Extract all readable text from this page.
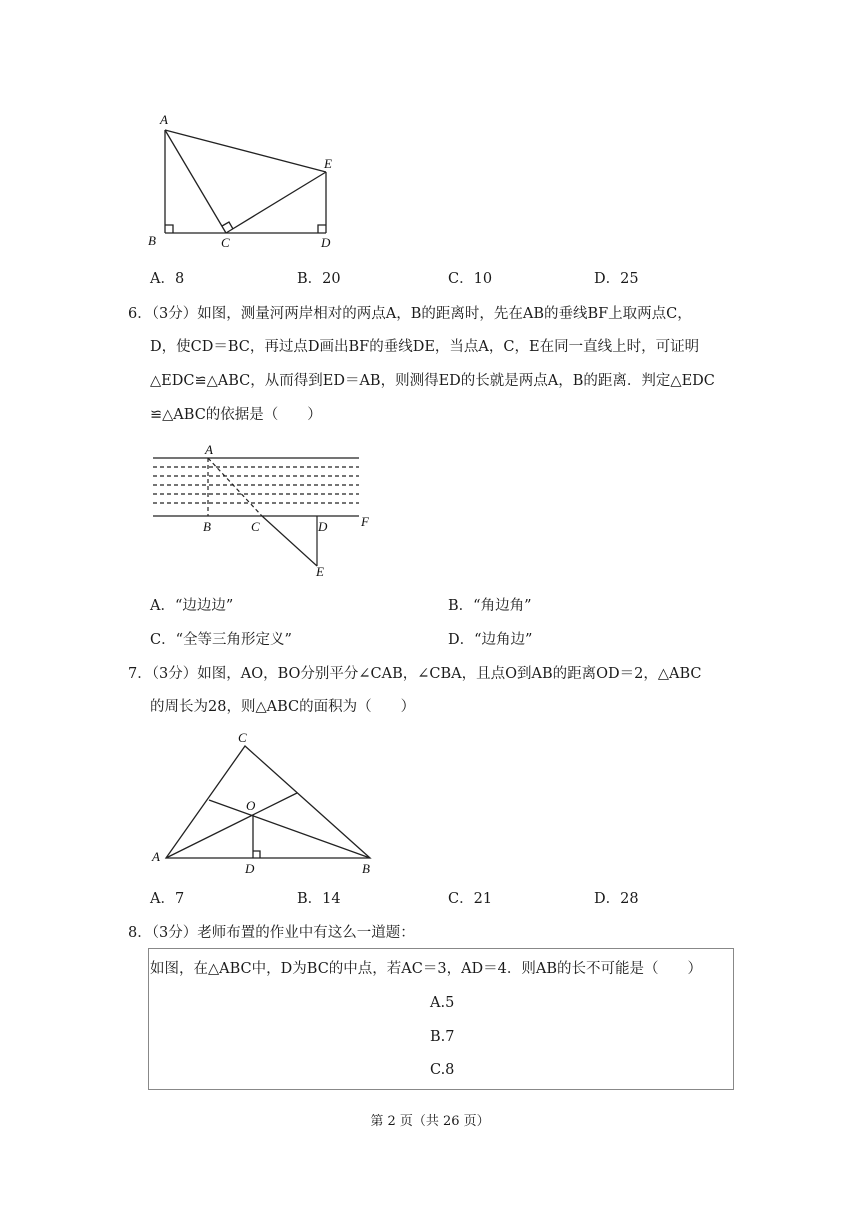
A
B	C	D
E
A．8	B．20	C．10	D．25
6．（3分）如图，测量河两岸相对的两点A，B的距离时，先在AB的垂线BF上取两点C，
D，使CD＝BC，再过点D画出BF的垂线DE，当点A，C，E在同一直线上时，可证明
△EDC≌△ABC，从而得到ED＝AB，则测得ED的长就是两点A，B的距离．判定△EDC
≌△ABC的依据是（　　）
A
B	C	D	F
E
A．“边边边”	B．“角边角”
C．“全等三角形定义”	D．“边角边”
7．（3分）如图，AO，BO分别平分∠CAB，∠CBA，且点O到AB的距离OD＝2，△ABC
的周长为28，则△ABC的面积为（　　）
C
O
A
D	B
A．7	B．14	C．21	D．28
8．（3分）老师布置的作业中有这么一道题：
如图，在△ABC中，D为BC的中点，若AC＝3，AD＝4．则AB的长不可能是（　　）
A.5
B.7
C.8
第 2 页（共 26 页）
